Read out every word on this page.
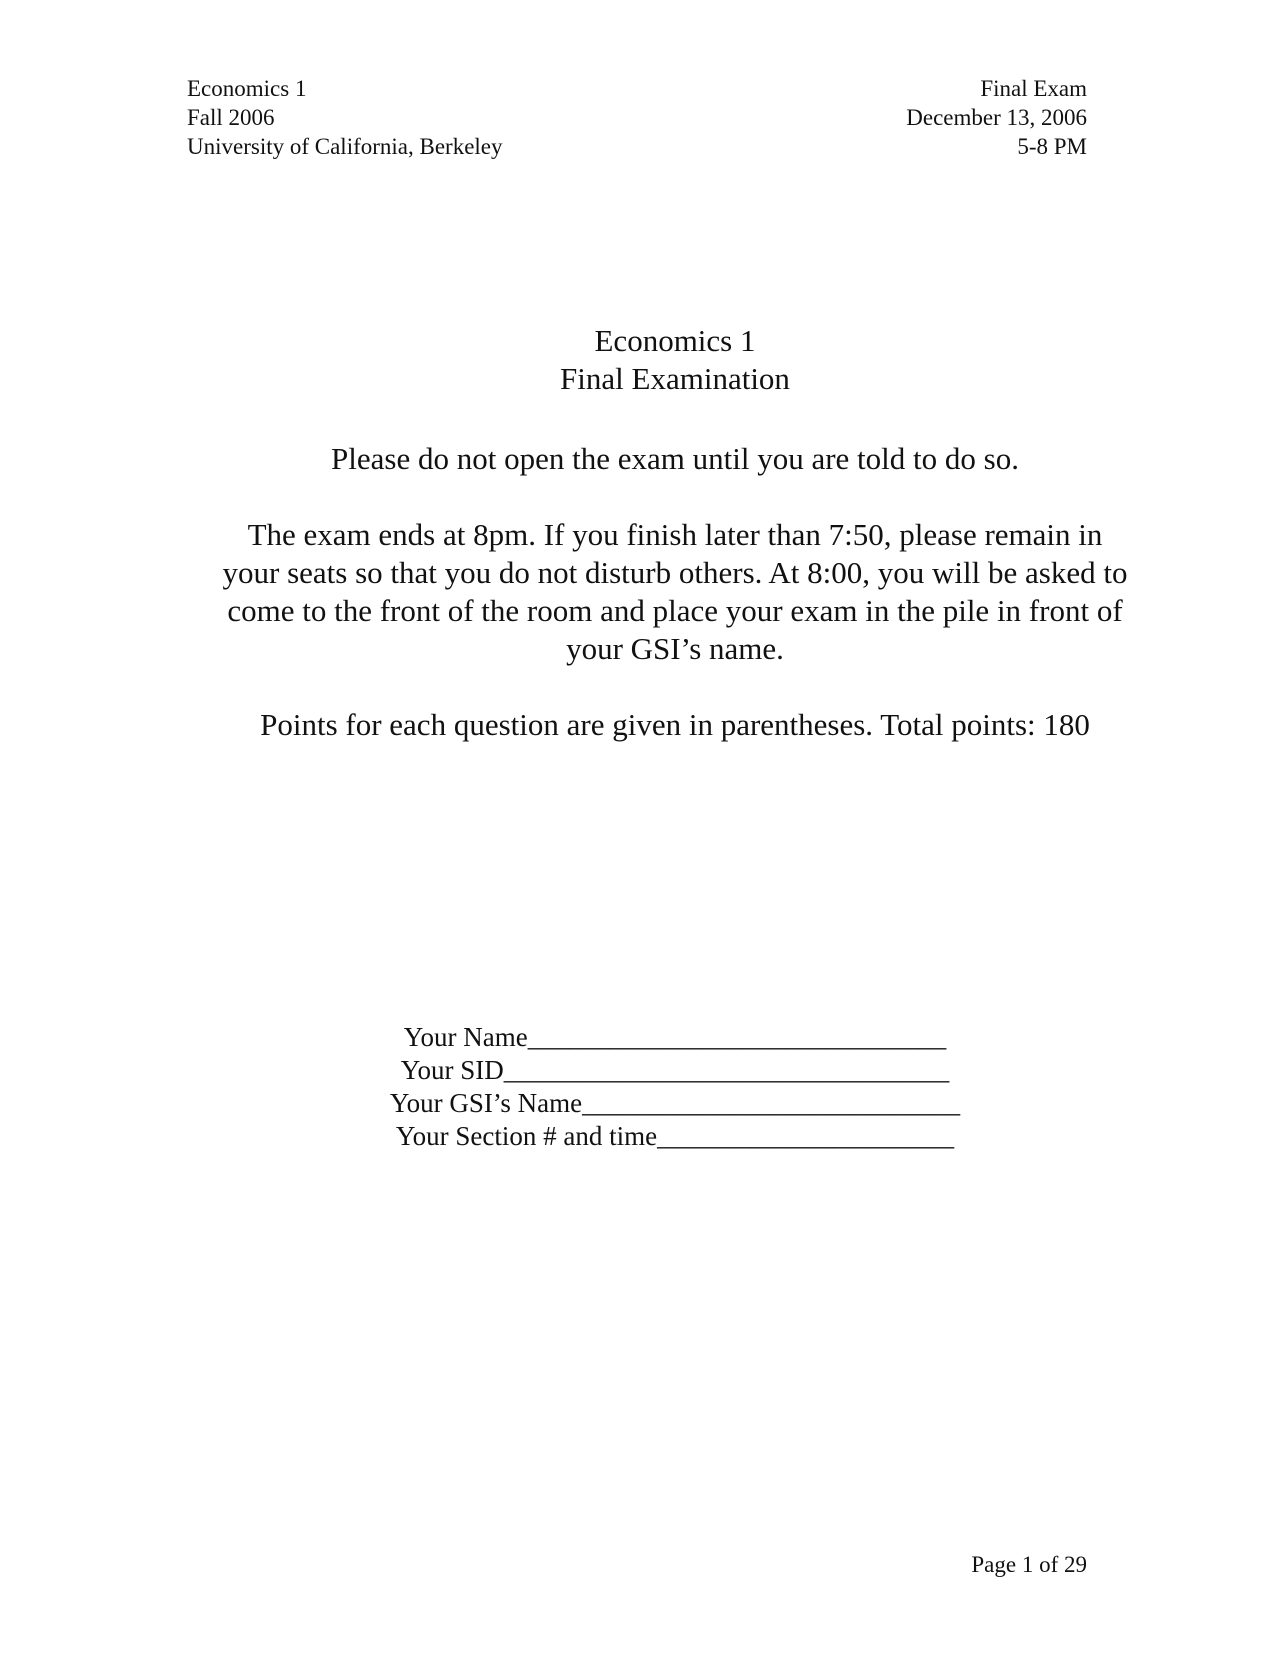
Economics 1
Fall 2006
University of California, Berkeley
Final Exam
December 13, 2006
5-8 PM
Economics 1
Final Examination
Please do not open the exam until you are told to do so.
The exam ends at 8pm. If you finish later than 7:50, please remain in
your seats so that you do not disturb others. At 8:00, you will be asked to
come to the front of the room and place your exam in the pile in front of
your GSI’s name.
Points for each question are given in parentheses. Total points: 180
Your Name_______________________________
Your SID_________________________________
Your GSI’s Name____________________________
Your Section # and time______________________
Page 1 of 29
